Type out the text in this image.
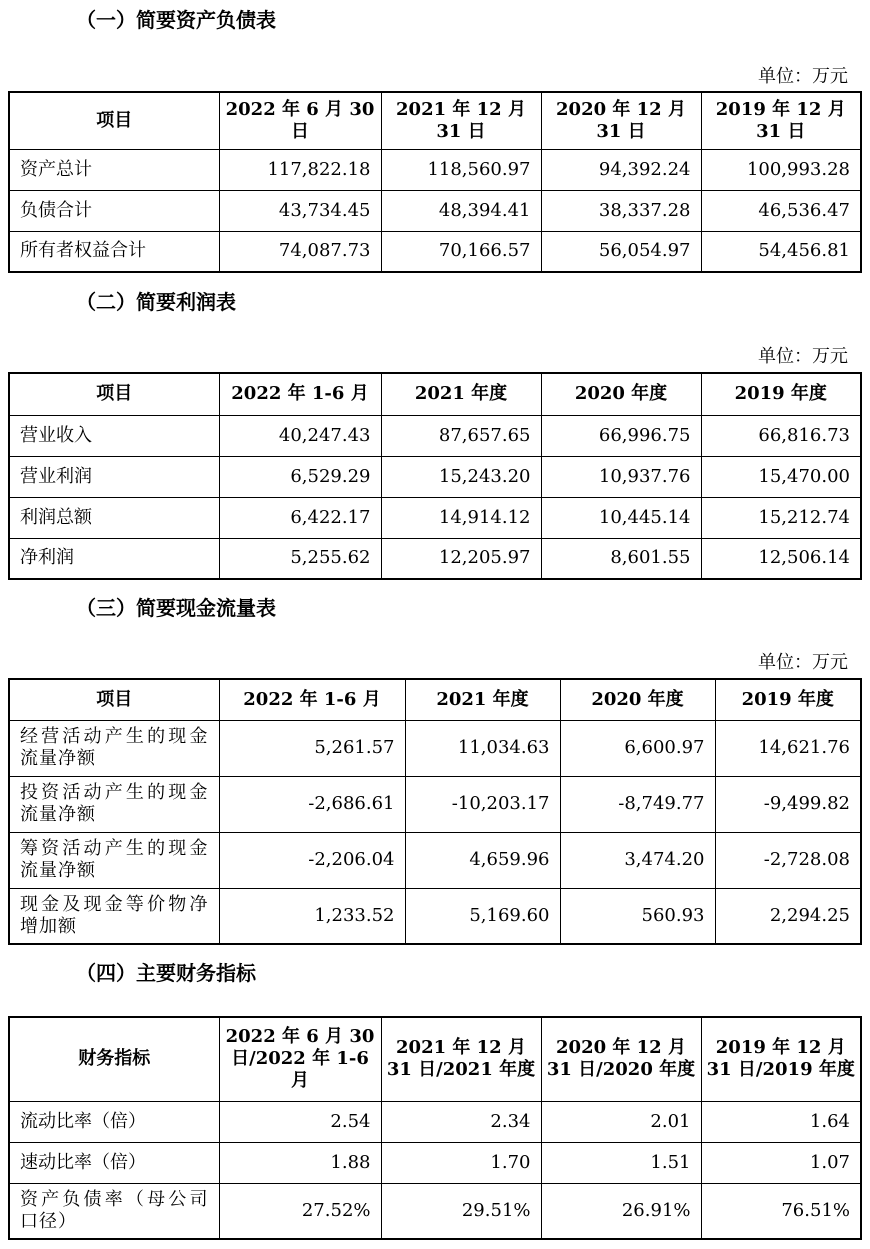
（一）简要资产负债表

单位：万元

项目	2022 年 6 月 30 日	2021 年 12 月 31 日	2020 年 12 月 31 日	2019 年 12 月 31 日
资产总计	117,822.18	118,560.97	94,392.24	100,993.28
负债合计	43,734.45	48,394.41	38,337.28	46,536.47
所有者权益合计	74,087.73	70,166.57	56,054.97	54,456.81
（二）简要利润表

单位：万元

项目	2022 年 1-6 月	2021 年度	2020 年度	2019 年度
营业收入	40,247.43	87,657.65	66,996.75	66,816.73
营业利润	6,529.29	15,243.20	10,937.76	15,470.00
利润总额	6,422.17	14,914.12	10,445.14	15,212.74
净利润	5,255.62	12,205.97	8,601.55	12,506.14
（三）简要现金流量表

单位：万元

项目	2022 年 1-6 月	2021 年度	2020 年度	2019 年度
经营活动产生的现金流量净额	5,261.57	11,034.63	6,600.97	14,621.76
投资活动产生的现金流量净额	-2,686.61	-10,203.17	-8,749.77	-9,499.82
筹资活动产生的现金流量净额	-2,206.04	4,659.96	3,474.20	-2,728.08
现金及现金等价物净增加额	1,233.52	5,169.60	560.93	2,294.25
（四）主要财务指标
财务指标	2022 年 6 月 30 日/2022 年 1-6 月	2021 年 12 月 31 日/2021 年度	2020 年 12 月 31 日/2020 年度	2019 年 12 月 31 日/2019 年度
流动比率（倍）	2.54	2.34	2.01	1.64
速动比率（倍）	1.88	1.70	1.51	1.07
资产负债率（母公司口径）	27.52%	29.51%	26.91%	76.51%
